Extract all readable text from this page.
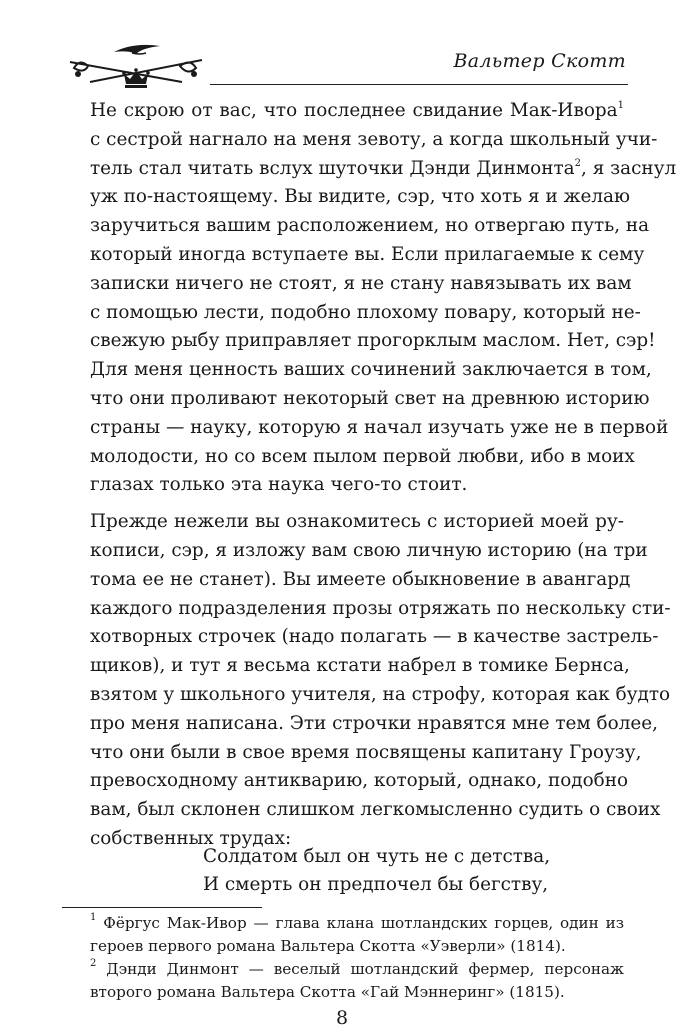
Вальтер Скотт

Не скрою от вас, что последнее свидание Мак-Ивора$^1$
с сестрой нагнало на меня зевоту, а когда школьный учи-
тель стал читать вслух шуточки Дэнди Динмонта$^2$, я заснул
уж по-настоящему. Вы видите, сэр, что хоть я и желаю
заручиться вашим расположением, но отвергаю путь, на
который иногда вступаете вы. Если прилагаемые к сему
записки ничего не стоят, я не стану навязывать их вам
с помощью лести, подобно плохому повару, который не-
свежую рыбу приправляет прогорклым маслом. Нет, сэр!
Для меня ценность ваших сочинений заключается в том,
что они проливают некоторый свет на древнюю историю
страны — науку, которую я начал изучать уже не в первой
молодости, но со всем пылом первой любви, ибо в моих
глазах только эта наука чего-то стоит.

Прежде нежели вы ознакомитесь с историей моей ру-
кописи, сэр, я изложу вам свою личную историю (на три
тома ее не станет). Вы имеете обыкновение в авангард
каждого подразделения прозы отряжать по нескольку сти-
хотворных строчек (надо полагать — в качестве застрель-
щиков), и тут я весьма кстати набрел в томике Бернса,
взятом у школьного учителя, на строфу, которая как будто
про меня написана. Эти строчки нравятся мне тем более,
что они были в свое время посвящены капитану Гроузу,
превосходному антикварию, который, однако, подобно
вам, был склонен слишком легкомысленно судить о своих
собственных трудах:

Солдатом был он чуть не с детства,
И смерть он предпочел бы бегству,
$^1$ Фёргус Мак-Ивор — глава клана шотландских горцев, один из
героев первого романа Вальтера Скотта «Уэверли» (1814).
$^2$ Дэнди Динмонт — веселый шотландский фермер, персонаж
второго романа Вальтера Скотта «Гай Мэннеринг» (1815).
8
